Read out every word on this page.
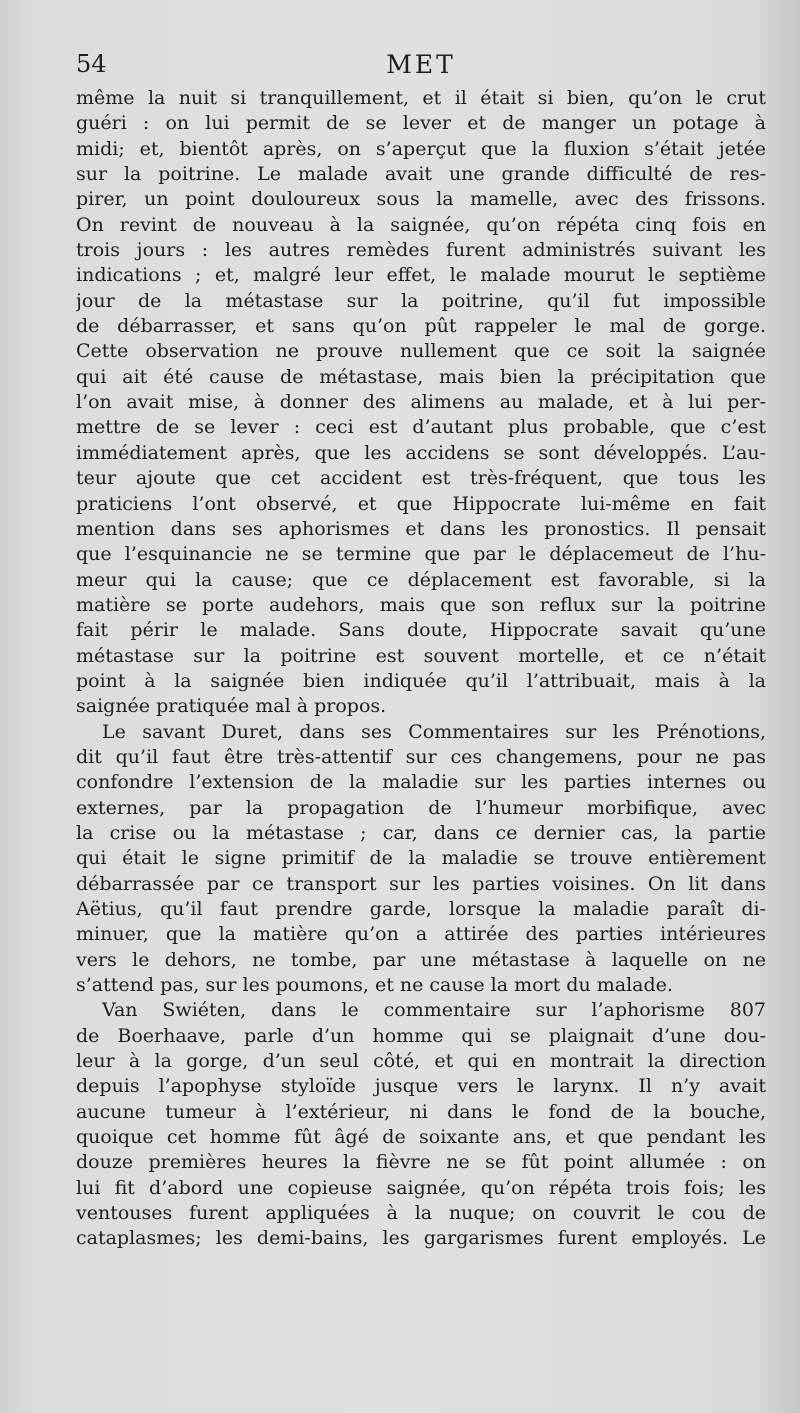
54	MET
même la nuit si tranquillement, et il était si bien, qu’on le crut
guéri : on lui permit de se lever et de manger un potage à
midi; et, bientôt après, on s’aperçut que la fluxion s’était jetée
sur la poitrine. Le malade avait une grande difficulté de res-
pirer, un point douloureux sous la mamelle, avec des frissons.
On revint de nouveau à la saignée, qu’on répéta cinq fois en
trois jours : les autres remèdes furent administrés suivant les
indications ; et, malgré leur effet, le malade mourut le septième
jour de la métastase sur la poitrine, qu’il fut impossible
de débarrasser, et sans qu’on pût rappeler le mal de gorge.
Cette observation ne prouve nullement que ce soit la saignée
qui ait été cause de métastase, mais bien la précipitation que
l’on avait mise, à donner des alimens au malade, et à lui per-
mettre de se lever : ceci est d’autant plus probable, que c’est
immédiatement après, que les accidens se sont développés. L’au-
teur ajoute que cet accident est très-fréquent, que tous les
praticiens l’ont observé, et que Hippocrate lui-même en fait
mention dans ses aphorismes et dans les pronostics. Il pensait
que l’esquinancie ne se termine que par le déplacemeut de l’hu-
meur qui la cause; que ce déplacement est favorable, si la
matière se porte audehors, mais que son reflux sur la poitrine
fait périr le malade. Sans doute, Hippocrate savait qu’une
métastase sur la poitrine est souvent mortelle, et ce n’était
point à la saignée bien indiquée qu’il l’attribuait, mais à la
saignée pratiquée mal à propos.
Le savant Duret, dans ses Commentaires sur les Prénotions,
dit qu’il faut être très-attentif sur ces changemens, pour ne pas
confondre l’extension de la maladie sur les parties internes ou
externes, par la propagation de l’humeur morbifique, avec
la crise ou la métastase ; car, dans ce dernier cas, la partie
qui était le signe primitif de la maladie se trouve entièrement
débarrassée par ce transport sur les parties voisines. On lit dans
Aëtius, qu’il faut prendre garde, lorsque la maladie paraît di-
minuer, que la matière qu’on a attirée des parties intérieures
vers le dehors, ne tombe, par une métastase à laquelle on ne
s’attend pas, sur les poumons, et ne cause la mort du malade.
Van Swiéten, dans le commentaire sur l’aphorisme 807
de Boerhaave, parle d’un homme qui se plaignait d’une dou-
leur à la gorge, d’un seul côté, et qui en montrait la direction
depuis l’apophyse styloïde jusque vers le larynx. Il n’y avait
aucune tumeur à l’extérieur, ni dans le fond de la bouche,
quoique cet homme fût âgé de soixante ans, et que pendant les
douze premières heures la fièvre ne se fût point allumée : on
lui fit d’abord une copieuse saignée, qu’on répéta trois fois; les
ventouses furent appliquées à la nuque; on couvrit le cou de
cataplasmes; les demi-bains, les gargarismes furent employés. Le
